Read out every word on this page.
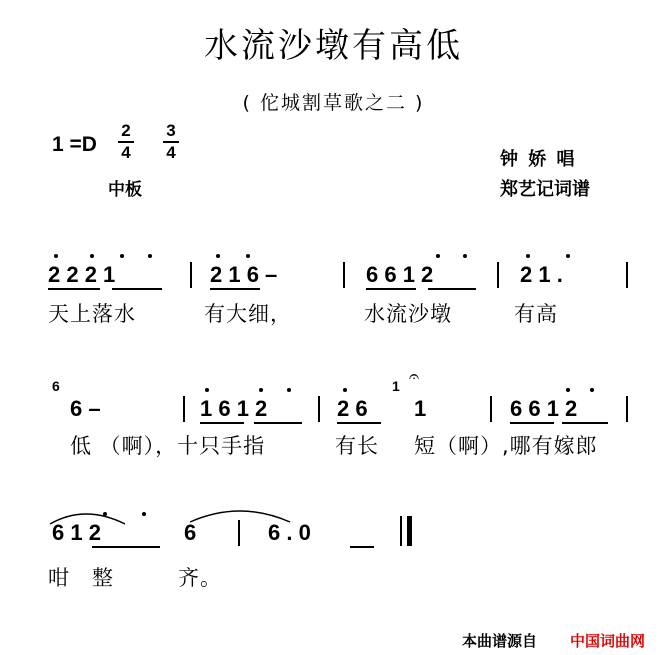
水流沙墩有高低
( 佗城割草歌之二 )
1 =D
2
4
3
4
中板
钟 娇 唱
郑艺记词谱
2 2 2 1	2 1 6 –	6 6 1 2	2 1 .
天上落水	有大细，	水流沙墩	有高
6
6 –	1 6 1 2	2 6
1
1
𝄐
6 6 1 2
低 （啊），十只手指	有长 短（啊）,哪有嫁郎
6 1 2	6	6 . 0
咁 整	齐。
本曲谱源自 中国词曲网
